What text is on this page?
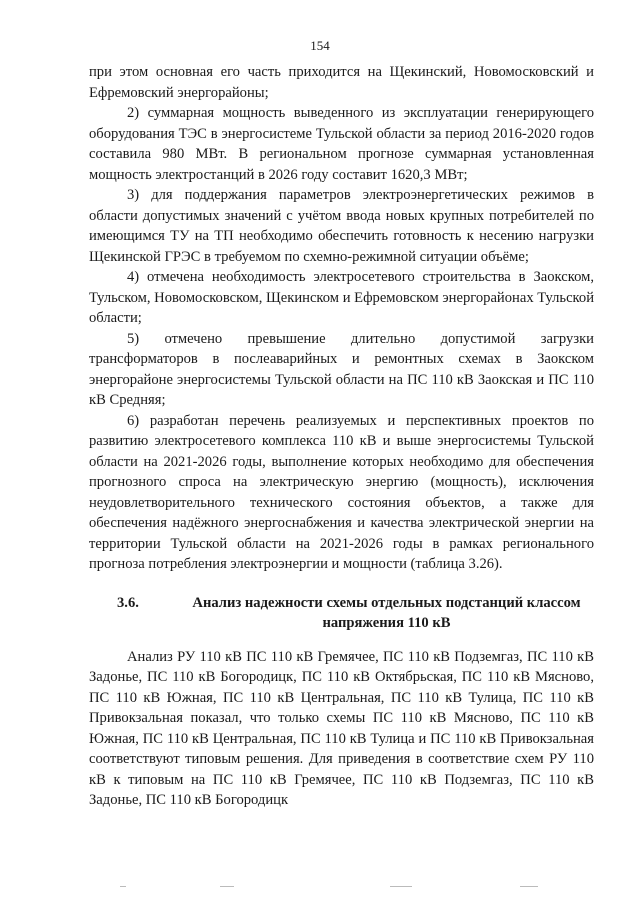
154

при этом основная его часть приходится на Щекинский, Новомосковский и Ефремовский энергорайоны;

2) суммарная мощность выведенного из эксплуатации генерирующего оборудования ТЭС в энергосистеме Тульской области за период 2016-2020 годов составила 980 МВт. В региональном прогнозе суммарная установленная мощность электростанций в 2026 году составит 1620,3 МВт;

3) для поддержания параметров электроэнергетических режимов в области допустимых значений с учётом ввода новых крупных потребителей по имеющимся ТУ на ТП необходимо обеспечить готовность к несению нагрузки Щекинской ГРЭС в требуемом по схемно-режимной ситуации объёме;

4) отмечена необходимость электросетевого строительства в Заокском, Тульском, Новомосковском, Щекинском и Ефремовском энергорайонах Тульской области;

5) отмечено превышение длительно допустимой загрузки трансформаторов в послеаварийных и ремонтных схемах в Заокском энергорайоне энергосистемы Тульской области на ПС 110 кВ Заокская и ПС 110 кВ Средняя;

6) разработан перечень реализуемых и перспективных проектов по развитию электросетевого комплекса 110 кВ и выше энергосистемы Тульской области на 2021-2026 годы, выполнение которых необходимо для обеспечения прогнозного спроса на электрическую энергию (мощность), исключения неудовлетворительного технического состояния объектов, а также для обеспечения надёжного энергоснабжения и качества электрической энергии на территории Тульской области на 2021-2026 годы в рамках регионального прогноза потребления электроэнергии и мощности (таблица 3.26).

3.6.	Анализ надежности схемы отдельных подстанций классом напряжения 110 кВ

Анализ РУ 110 кВ ПС 110 кВ Гремячее, ПС 110 кВ Подземгаз, ПС 110 кВ Задонье, ПС 110 кВ Богородицк, ПС 110 кВ Октябрьская, ПС 110 кВ Мясново, ПС 110 кВ Южная, ПС 110 кВ Центральная, ПС 110 кВ Тулица, ПС 110 кВ Привокзальная показал, что только схемы ПС 110 кВ Мясново, ПС 110 кВ Южная, ПС 110 кВ Центральная, ПС 110 кВ Тулица и ПС 110 кВ Привокзальная соответствуют типовым решения. Для приведения в соответствие схем РУ 110 кВ к типовым на ПС 110 кВ Гремячее, ПС 110 кВ Подземгаз, ПС 110 кВ Задонье, ПС 110 кВ Богородицк
